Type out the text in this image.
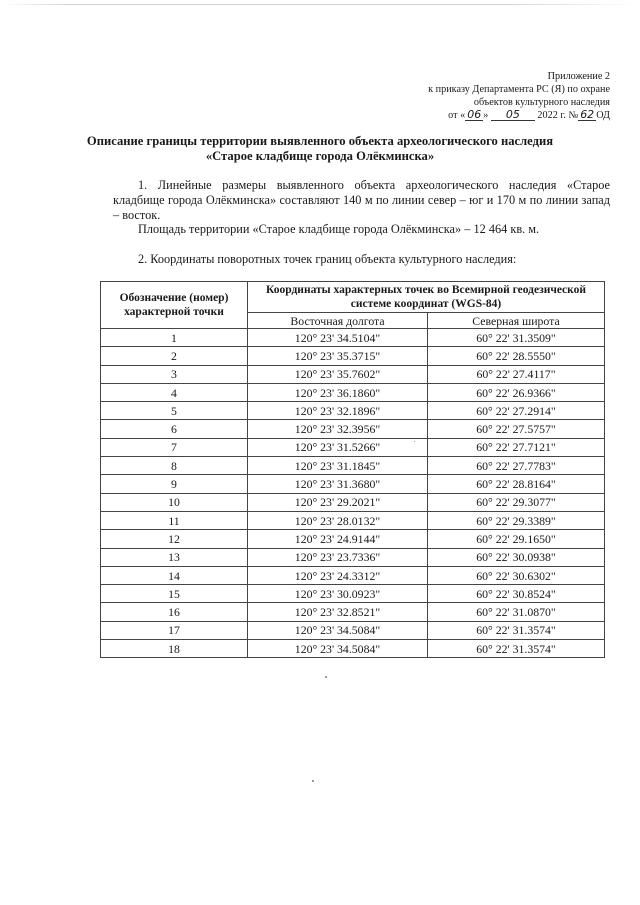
Приложение 2
к приказу Департамента РС (Я) по охране
объектов культурного наследия
от « 06 » 05 2022 г. № 62 ОД
Описание границы территории выявленного объекта археологического наследия
«Старое кладбище города Олёкминска»
1. Линейные размеры выявленного объекта археологического наследия «Старое кладбище города Олёкминска» составляют 140 м по линии север – юг и 170 м по линии запад – восток.
Площадь территории «Старое кладбище города Олёкминска» – 12 464 кв. м.
2. Координаты поворотных точек границ объекта культурного наследия:
Обозначение (номер) характерной точки	Координаты характерных точек во Всемирной геодезической системе координат (WGS-84)	
	Восточная долгота	Северная широта
1	120° 23' 34.5104"	60° 22' 31.3509"
2	120° 23' 35.3715"	60° 22' 28.5550"
3	120° 23' 35.7602"	60° 22' 27.4117"
4	120° 23' 36.1860"	60° 22' 26.9366"
5	120° 23' 32.1896"	60° 22' 27.2914"
6	120° 23' 32.3956"	60° 22' 27.5757"
7	120° 23' 31.5266"	60° 22' 27.7121"
8	120° 23' 31.1845"	60° 22' 27.7783"
9	120° 23' 31.3680"	60° 22' 28.8164"
10	120° 23' 29.2021"	60° 22' 29.3077"
11	120° 23' 28.0132"	60° 22' 29.3389"
12	120° 23' 24.9144"	60° 22' 29.1650"
13	120° 23' 23.7336"	60° 22' 30.0938"
14	120° 23' 24.3312"	60° 22' 30.6302"
15	120° 23' 30.0923"	60° 22' 30.8524"
16	120° 23' 32.8521"	60° 22' 31.0870"
17	120° 23' 34.5084"	60° 22' 31.3574"
18	120° 23' 34.5084"	60° 22' 31.3574"
